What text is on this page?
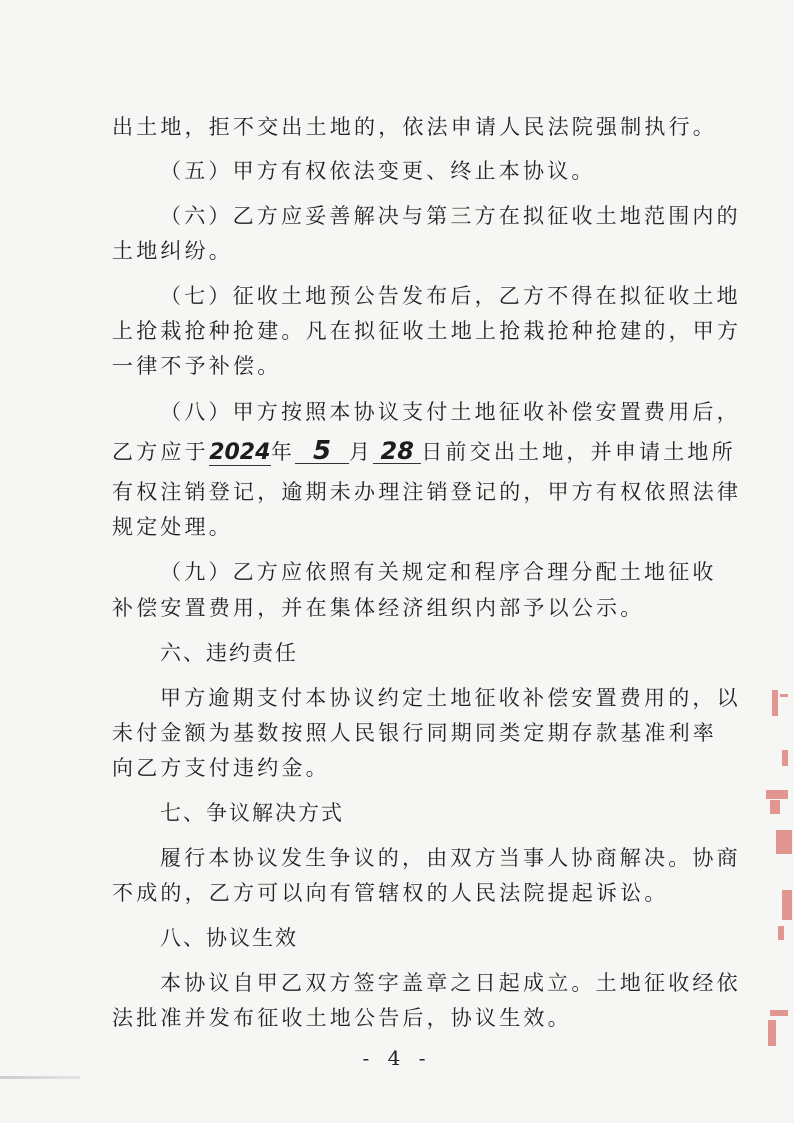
出土地，拒不交出土地的，依法申请人民法院强制执行。
（五）甲方有权依法变更、终止本协议。
（六）乙方应妥善解决与第三方在拟征收土地范围内的
土地纠纷。
（七）征收土地预公告发布后，乙方不得在拟征收土地
上抢栽抢种抢建。凡在拟征收土地上抢栽抢种抢建的，甲方
一律不予补偿。
（八）甲方按照本协议支付土地征收补偿安置费用后，
乙方应于2024年 5 月 28 日前交出土地，并申请土地所
有权注销登记，逾期未办理注销登记的，甲方有权依照法律
规定处理。
（九）乙方应依照有关规定和程序合理分配土地征收
补偿安置费用，并在集体经济组织内部予以公示。
六、违约责任
甲方逾期支付本协议约定土地征收补偿安置费用的，以
未付金额为基数按照人民银行同期同类定期存款基准利率
向乙方支付违约金。
七、争议解决方式
履行本协议发生争议的，由双方当事人协商解决。协商
不成的，乙方可以向有管辖权的人民法院提起诉讼。
八、协议生效
本协议自甲乙双方签字盖章之日起成立。土地征收经依
法批准并发布征收土地公告后，协议生效。
- 4 -
